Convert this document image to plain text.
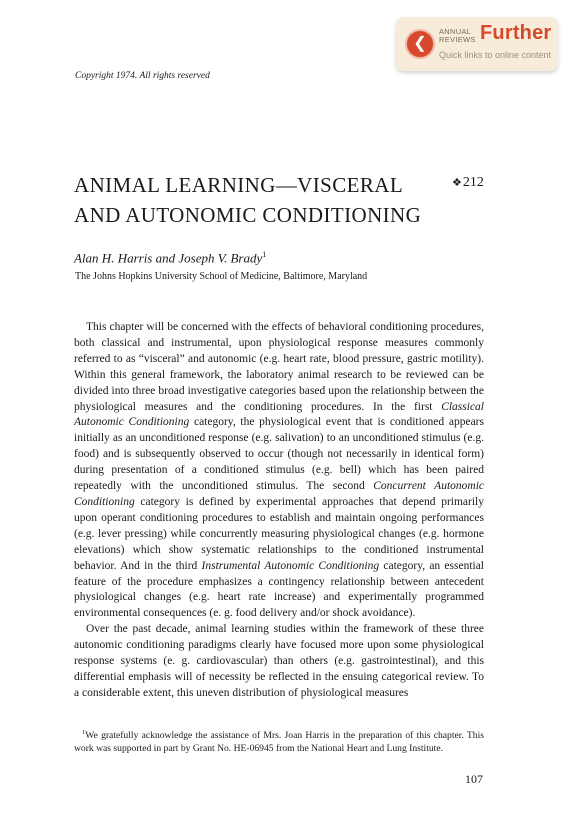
❮
ANNUAL
REVIEWS Further
Quick links to online content
Copyright 1974. All rights reserved
ANIMAL LEARNING—VISCERAL
AND AUTONOMIC CONDITIONING
❖212
Alan H. Harris and Joseph V. Brady$^1$
The Johns Hopkins University School of Medicine, Baltimore, Maryland

This chapter will be concerned with the effects of behavioral conditioning procedures, both classical and instrumental, upon physiological response measures commonly referred to as “visceral” and autonomic (e.g. heart rate, blood pressure, gastric motility). Within this general framework, the laboratory animal research to be reviewed can be divided into three broad investigative categories based upon the relationship between the physiological measures and the conditioning procedures. In the first Classical Autonomic Conditioning category, the physiological event that is conditioned appears initially as an unconditioned response (e.g. salivation) to an unconditioned stimulus (e.g. food) and is subsequently observed to occur (though not necessarily in identical form) during presentation of a conditioned stimulus (e.g. bell) which has been paired repeatedly with the unconditioned stimulus. The second Concurrent Autonomic Conditioning category is defined by experimental approaches that depend primarily upon operant conditioning procedures to establish and maintain ongoing performances (e.g. lever pressing) while concurrently measuring physiological changes (e.g. hormone elevations) which show systematic relationships to the conditioned instrumental behavior. And in the third Instrumental Autonomic Conditioning category, an essential feature of the procedure emphasizes a contingency relationship between antecedent physiological changes (e.g. heart rate increase) and experimentally programmed environmental consequences (e. g. food delivery and/or shock avoidance).

Over the past decade, animal learning studies within the framework of these three autonomic conditioning paradigms clearly have focused more upon some physiological response systems (e. g. cardiovascular) than others (e.g. gastrointestinal), and this differential emphasis will of necessity be reflected in the ensuing categorical review. To a considerable extent, this uneven distribution of physiological measures

$^1$We gratefully acknowledge the assistance of Mrs. Joan Harris in the preparation of this chapter. This work was supported in part by Grant No. HE-06945 from the National Heart and Lung Institute.

107
